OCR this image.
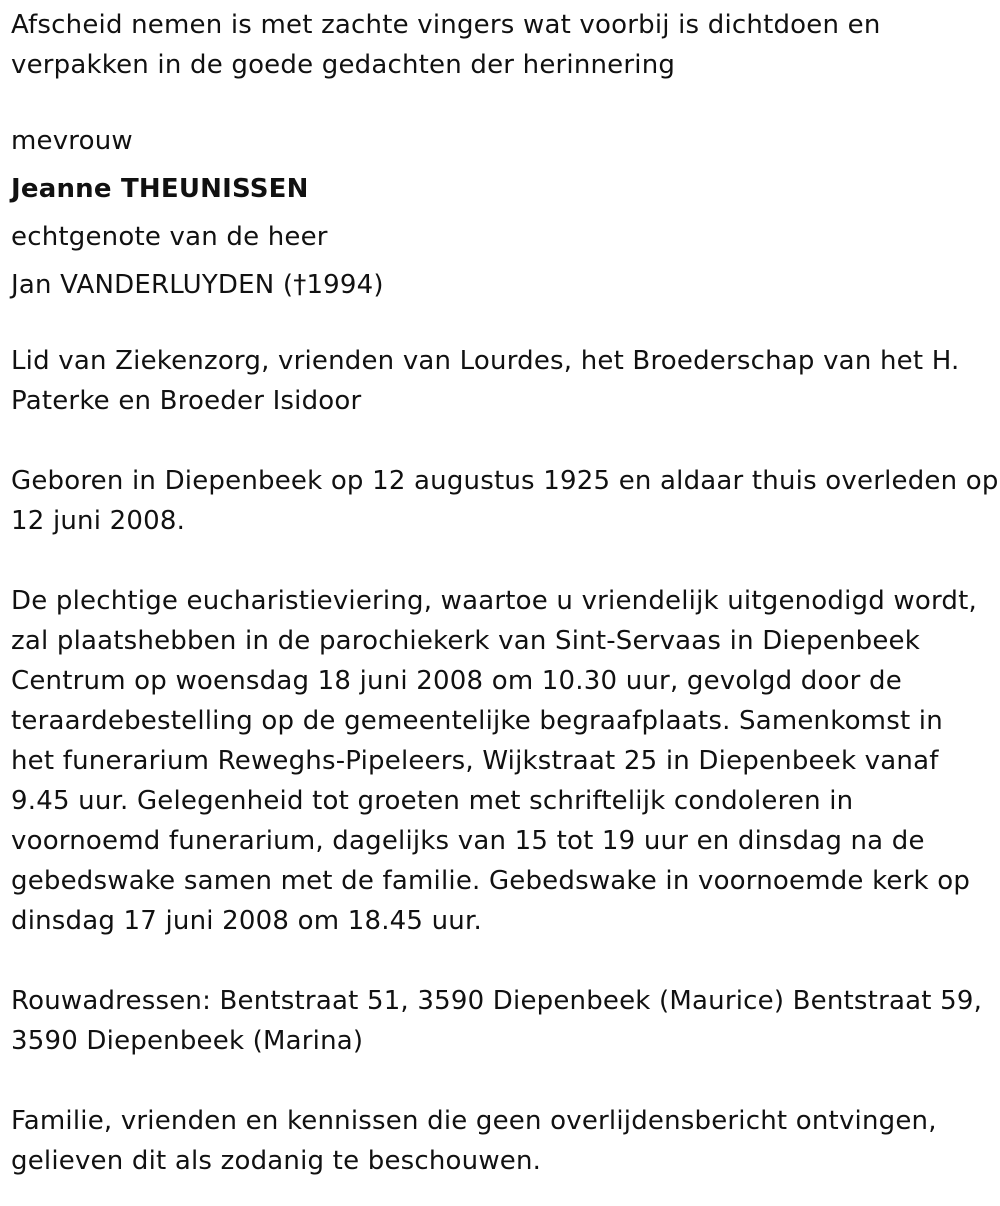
Afscheid nemen is met zachte vingers wat voorbij is dichtdoen en
verpakken in de goede gedachten der herinnering
mevrouw
Jeanne THEUNISSEN
echtgenote van de heer
Jan VANDERLUYDEN (†1994)
Lid van Ziekenzorg, vrienden van Lourdes, het Broederschap van het H.
Paterke en Broeder Isidoor
Geboren in Diepenbeek op 12 augustus 1925 en aldaar thuis overleden op
12 juni 2008.
De plechtige eucharistieviering, waartoe u vriendelijk uitgenodigd wordt,
zal plaatshebben in de parochiekerk van Sint-Servaas in Diepenbeek
Centrum op woensdag 18 juni 2008 om 10.30 uur, gevolgd door de
teraardebestelling op de gemeentelijke begraafplaats. Samenkomst in
het funerarium Reweghs-Pipeleers, Wijkstraat 25 in Diepenbeek vanaf
9.45 uur. Gelegenheid tot groeten met schriftelijk condoleren in
voornoemd funerarium, dagelijks van 15 tot 19 uur en dinsdag na de
gebedswake samen met de familie. Gebedswake in voornoemde kerk op
dinsdag 17 juni 2008 om 18.45 uur.
Rouwadressen: Bentstraat 51, 3590 Diepenbeek (Maurice) Bentstraat 59,
3590 Diepenbeek (Marina)
Familie, vrienden en kennissen die geen overlijdensbericht ontvingen,
gelieven dit als zodanig te beschouwen.
